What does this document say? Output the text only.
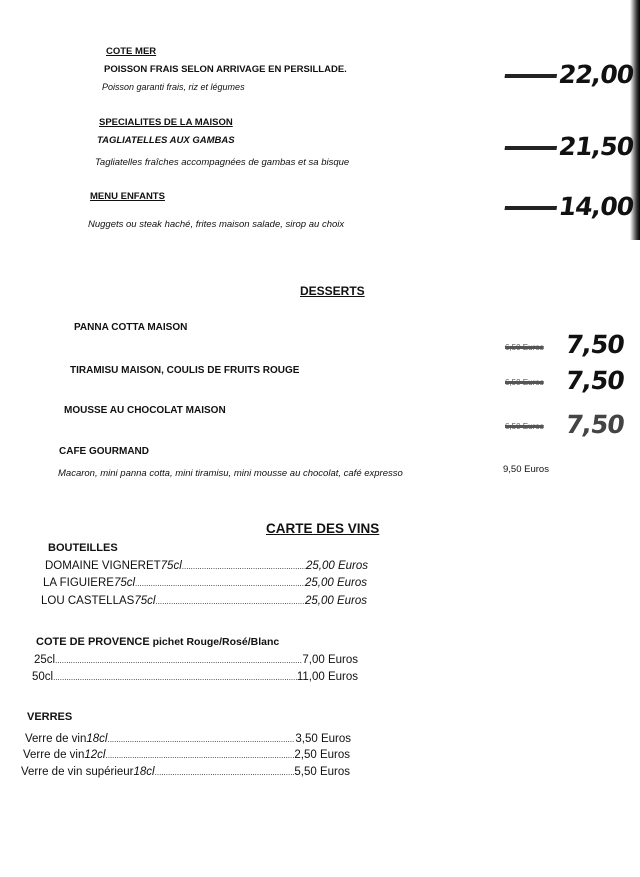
COTE MER
POISSON FRAIS SELON ARRIVAGE EN PERSILLADE.
Poisson garanti frais, riz et légumes	22,00
SPECIALITES DE LA MAISON
TAGLIATELLES AUX GAMBAS
Tagliatelles fraîches accompagnées de gambas et sa bisque
21,50
MENU ENFANTS
Nuggets ou steak haché, frites maison salade, sirop au choix
14,00
DESSERTS
PANNA COTTA MAISON
6,50 Euros 7,50
TIRAMISU MAISON, COULIS DE FRUITS ROUGE
6,50 Euros 7,50
MOUSSE AU CHOCOLAT MAISON
6,50 Euros 7,50
CAFE GOURMAND
Macaron, mini panna cotta, mini tiramisu, mini mousse au chocolat, café expresso	9,50 Euros
CARTE DES VINS
BOUTEILLES
DOMAINE VIGNERET 75cl .....	25,00 Euros
LA FIGUIERE 75cl .....	25,00 Euros
LOU CASTELLAS 75cl .....	25,00 Euros
COTE DE PROVENCE pichet Rouge/Rosé/Blanc
25cl .....	7,00 Euros
50cl .....	11,00 Euros
VERRES
Verre de vin 18cl .....	3,50 Euros
Verre de vin 12cl .....	2,50 Euros
Verre de vin supérieur 18cl .....	5,50 Euros
